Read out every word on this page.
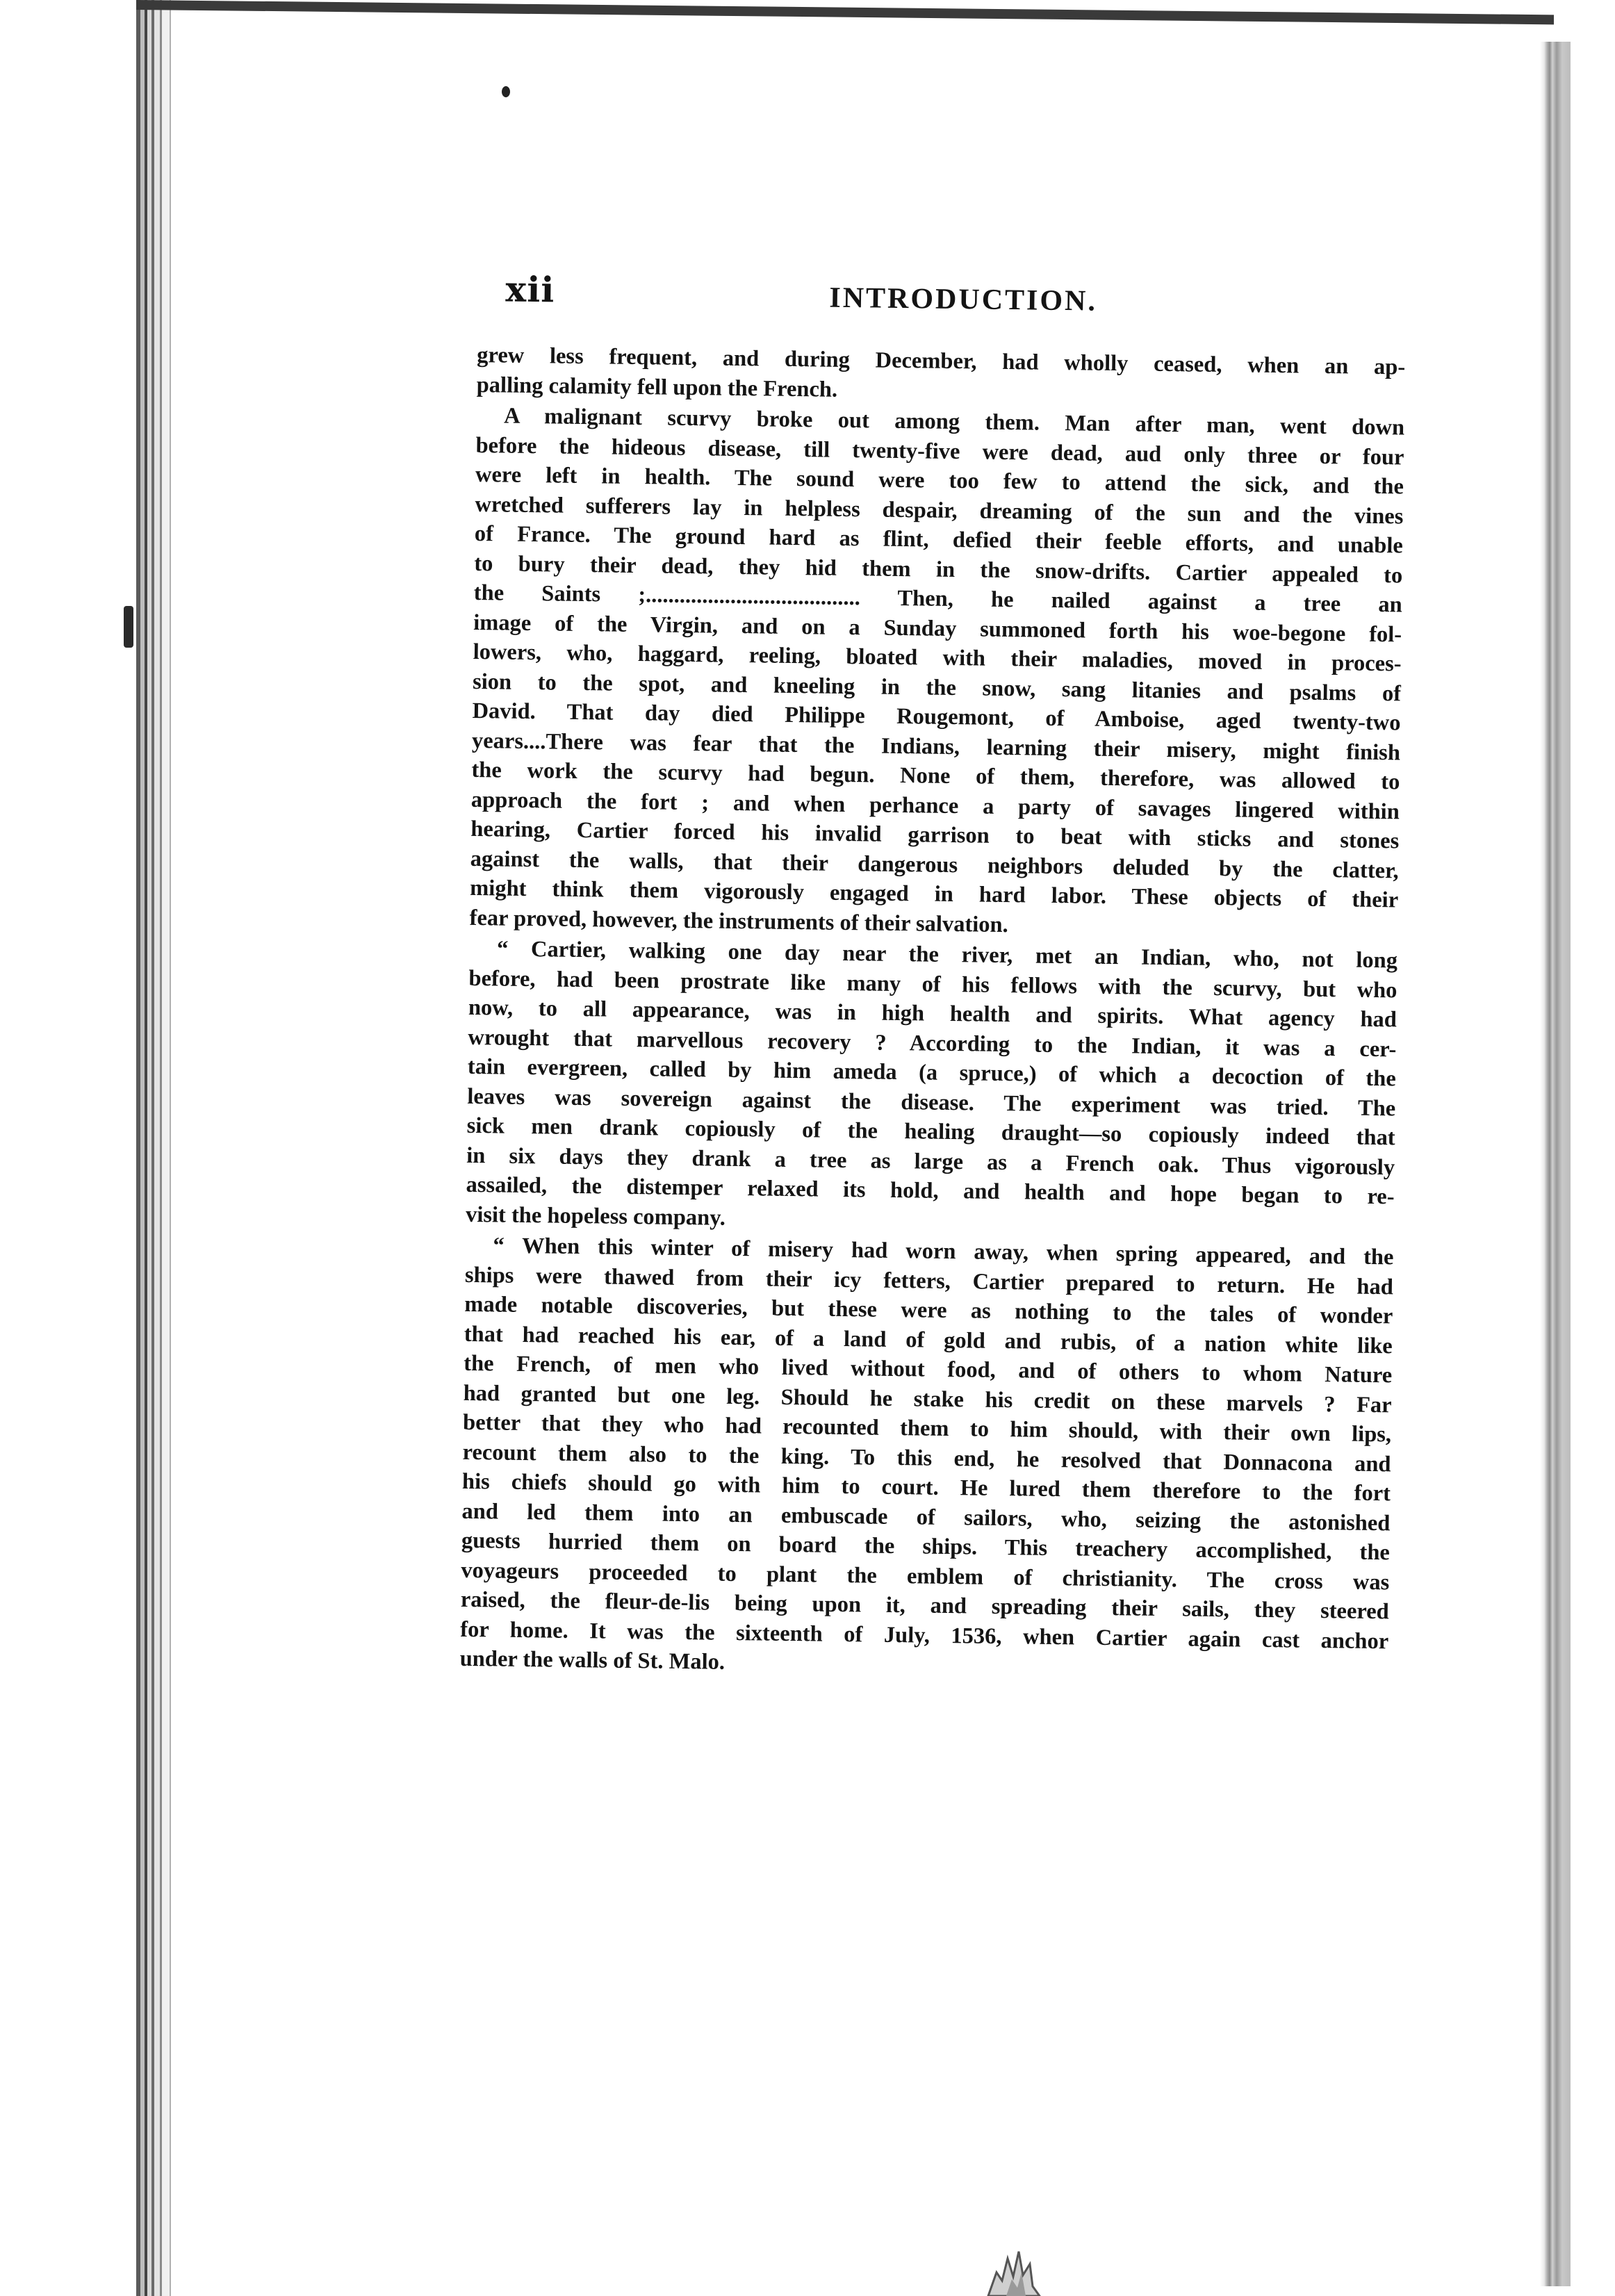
xii	INTRODUCTION.
grew less frequent, and during December, had wholly ceased, when an ap-
palling calamity fell upon the French.
A malignant scurvy broke out among them. Man after man, went down
before the hideous disease, till twenty-five were dead, aud only three or four
were left in health. The sound were too few to attend the sick, and the
wretched sufferers lay in helpless despair, dreaming of the sun and the vines
of France. The ground hard as flint, defied their feeble efforts, and unable
to bury their dead, they hid them in the snow-drifts. Cartier appealed to
the Saints ;...................................... Then, he nailed against a tree an
image of the Virgin, and on a Sunday summoned forth his woe-begone fol-
lowers, who, haggard, reeling, bloated with their maladies, moved in proces-
sion to the spot, and kneeling in the snow, sang litanies and psalms of
David. That day died Philippe Rougemont, of Amboise, aged twenty-two
years....There was fear that the Indians, learning their misery, might finish
the work the scurvy had begun. None of them, therefore, was allowed to
approach the fort ; and when perhance a party of savages lingered within
hearing, Cartier forced his invalid garrison to beat with sticks and stones
against the walls, that their dangerous neighbors deluded by the clatter,
might think them vigorously engaged in hard labor. These objects of their
fear proved, however, the instruments of their salvation.
“ Cartier, walking one day near the river, met an Indian, who, not long
before, had been prostrate like many of his fellows with the scurvy, but who
now, to all appearance, was in high health and spirits. What agency had
wrought that marvellous recovery ? According to the Indian, it was a cer-
tain evergreen, called by him ameda (a spruce,) of which a decoction of the
leaves was sovereign against the disease. The experiment was tried. The
sick men drank copiously of the healing draught—so copiously indeed that
in six days they drank a tree as large as a French oak. Thus vigorously
assailed, the distemper relaxed its hold, and health and hope began to re-
visit the hopeless company.
“ When this winter of misery had worn away, when spring appeared, and the
ships were thawed from their icy fetters, Cartier prepared to return. He had
made notable discoveries, but these were as nothing to the tales of wonder
that had reached his ear, of a land of gold and rubis, of a nation white like
the French, of men who lived without food, and of others to whom Nature
had granted but one leg. Should he stake his credit on these marvels ? Far
better that they who had recounted them to him should, with their own lips,
recount them also to the king. To this end, he resolved that Donnacona and
his chiefs should go with him to court. He lured them therefore to the fort
and led them into an embuscade of sailors, who, seizing the astonished
guests hurried them on board the ships. This treachery accomplished, the
voyageurs proceeded to plant the emblem of christianity. The cross was
raised, the fleur-de-lis being upon it, and spreading their sails, they steered
for home. It was the sixteenth of July, 1536, when Cartier again cast anchor
under the walls of St. Malo.
